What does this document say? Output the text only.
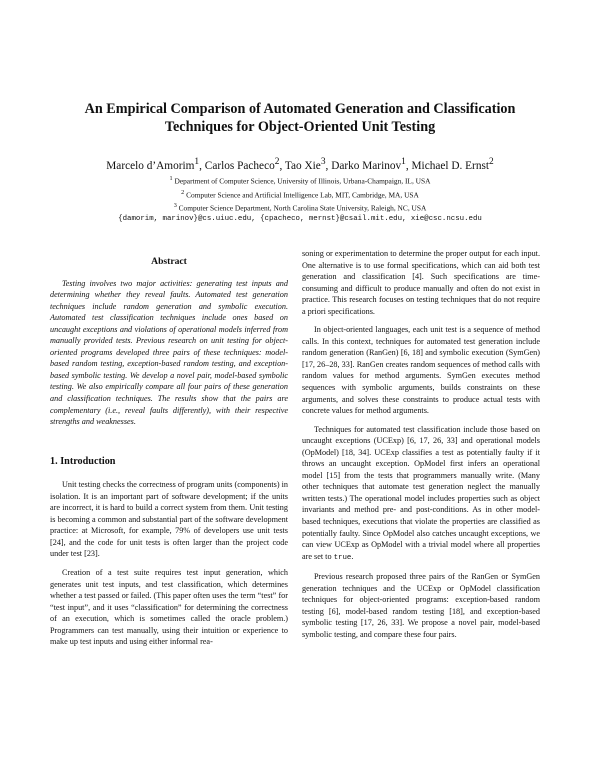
An Empirical Comparison of Automated Generation and Classification
Techniques for Object-Oriented Unit Testing
Marcelo d’Amorim$^1$, Carlos Pacheco$^2$, Tao Xie$^3$, Darko Marinov$^1$, Michael D. Ernst$^2$
$^1$ Department of Computer Science, University of Illinois, Urbana-Champaign, IL, USA
$^2$ Computer Science and Artificial Intelligence Lab, MIT, Cambridge, MA, USA
$^3$ Computer Science Department, North Carolina State University, Raleigh, NC, USA
{damorim, marinov}@cs.uiuc.edu, {cpacheco, mernst}@csail.mit.edu, xie@csc.ncsu.edu
Abstract

Testing involves two major activities: generating test inputs and determining whether they reveal faults. Automated test generation techniques include random generation and symbolic execution. Automated test classification techniques include ones based on uncaught exceptions and violations of operational models inferred from manually provided tests. Previous research on unit testing for object-oriented programs developed three pairs of these techniques: model-based random testing, exception-based random testing, and exception-based symbolic testing. We develop a novel pair, model-based symbolic testing. We also empirically compare all four pairs of these generation and classification techniques. The results show that the pairs are complementary (i.e., reveal faults differently), with their respective strengths and weaknesses.

1. Introduction

Unit testing checks the correctness of program units (components) in isolation. It is an important part of software development; if the units are incorrect, it is hard to build a correct system from them. Unit testing is becoming a common and substantial part of the software development practice: at Microsoft, for example, 79% of developers use unit tests [24], and the code for unit tests is often larger than the project code under test [23].

Creation of a test suite requires test input generation, which generates unit test inputs, and test classification, which determines whether a test passed or failed. (This paper often uses the term “test” for “test input”, and it uses “classification” for determining the correctness of an execution, which is sometimes called the oracle problem.) Programmers can test manually, using their intuition or experience to make up test inputs and using either informal rea-

soning or experimentation to determine the proper output for each input. One alternative is to use formal specifications, which can aid both test generation and classification [4]. Such specifications are time-consuming and difficult to produce manually and often do not exist in practice. This research focuses on testing techniques that do not require a priori specifications.

In object-oriented languages, each unit test is a sequence of method calls. In this context, techniques for automated test generation include random generation (RanGen) [6, 18] and symbolic execution (SymGen) [17, 26–28, 33]. RanGen creates random sequences of method calls with random values for method arguments. SymGen executes method sequences with symbolic arguments, builds constraints on these arguments, and solves these constraints to produce actual tests with concrete values for method arguments.

Techniques for automated test classification include those based on uncaught exceptions (UCExp) [6, 17, 26, 33] and operational models (OpModel) [18, 34]. UCExp classifies a test as potentially faulty if it throws an uncaught exception. OpModel first infers an operational model [15] from the tests that programmers manually write. (Many other techniques that automate test generation neglect the manually written tests.) The operational model includes properties such as object invariants and method pre- and post-conditions. As in other model-based techniques, executions that violate the properties are classified as potentially faulty. Since OpModel also catches uncaught exceptions, we can view UCExp as OpModel with a trivial model where all properties are set to true.

Previous research proposed three pairs of the RanGen or SymGen generation techniques and the UCExp or OpModel classification techniques for object-oriented programs: exception-based random testing [6], model-based random testing [18], and exception-based symbolic testing [17, 26, 33]. We propose a novel pair, model-based symbolic testing, and compare these four pairs.
